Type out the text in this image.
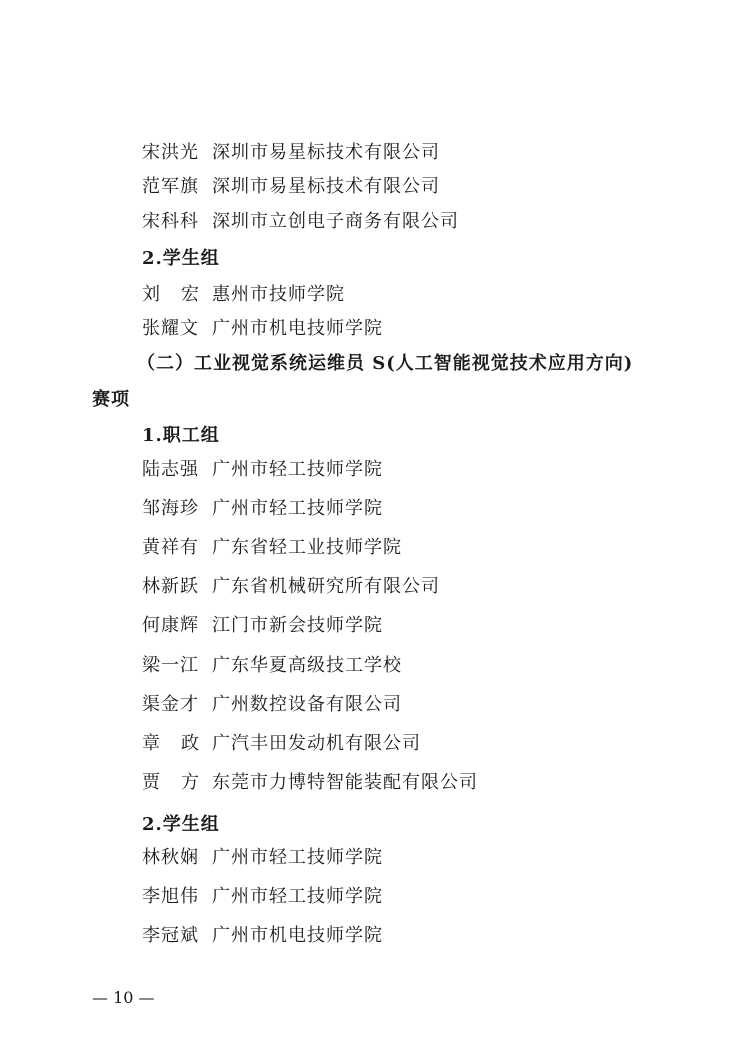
宋洪光 深圳市易星标技术有限公司
范军旗 深圳市易星标技术有限公司
宋科科 深圳市立创电子商务有限公司
2.学生组
刘 宏 惠州市技师学院
张耀文 广州市机电技师学院
（二）工业视觉系统运维员 S(人工智能视觉技术应用方向)
赛项
1.职工组
陆志强 广州市轻工技师学院
邹海珍 广州市轻工技师学院
黄祥有 广东省轻工业技师学院
林新跃 广东省机械研究所有限公司
何康辉 江门市新会技师学院
梁一江 广东华夏高级技工学校
渠金才 广州数控设备有限公司
章 政 广汽丰田发动机有限公司
贾 方 东莞市力博特智能装配有限公司
2.学生组
林秋娴 广州市轻工技师学院
李旭伟 广州市轻工技师学院
李冠斌 广州市机电技师学院
— 10 —
